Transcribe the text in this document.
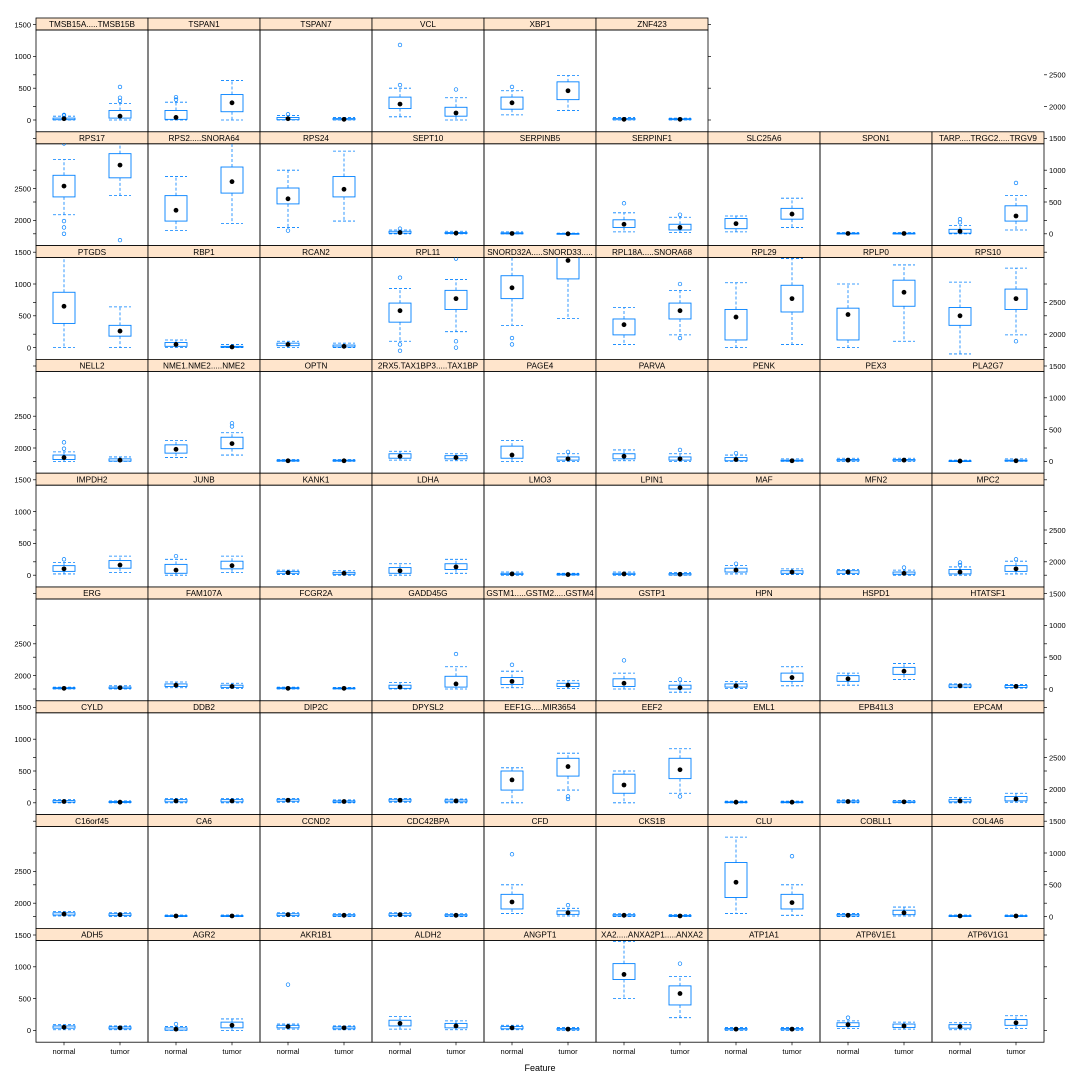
TMSB15A.....TMSB15B	TSPAN1	TSPAN7	VCL	XBP1	ZNF423
0
500
1000
1500
RPS17	RPS2.....SNORA64	RPS24	SEPT10	SERPINB5	SERPINF1	SLC25A6	SPON1	TARP.....TRGC2.....TRGV9
0
500
1000
1500
2000
2500
PTGDS	RBP1	RCAN2	RPL11	SNORD32A.....SNORD33..... RPL18A.....SNORA68	RPL29	RPLP0	RPS10
0
500
1000
1500
2000
2500
NELL2	NME1.NME2.....NME2	OPTN	2RX5.TAX1BP3.....TAX1BP	PAGE4	PARVA	PENK	PEX3	PLA2G7
0
500
1000
1500
2000
2500
IMPDH2	JUNB	KANK1	LDHA	LMO3	LPIN1	MAF	MFN2	MPC2
0
500
1000
1500
2000
2500
ERG	FAM107A	FCGR2A	GADD45G	GSTM1.....GSTM2.....GSTM4	GSTP1	HPN	HSPD1	HTATSF1
0
500
1000
1500
2000
2500
CYLD	DDB2	DIP2C	DPYSL2	EEF1G.....MIR3654	EEF2	EML1	EPB41L3	EPCAM
0
500
1000
1500
2000
2500
C16orf45	CA6	CCND2	CDC42BPA	CFD	CKS1B	CLU	COBLL1	COL4A6
0
500
1000
1500
2000
2500
ADH5	AGR2	AKR1B1	ALDH2	ANGPT1	XA2.....ANXA2P1.....ANXA2	ATP1A1	ATP6V1E1	ATP6V1G1
0
500
1000
1500
2000
2500
normal	tumor	normal	tumor	normal	tumor	normal	tumor	normal	tumor	normal	tumor	normal	tumor	normal	tumor	normal	tumor
Feature
